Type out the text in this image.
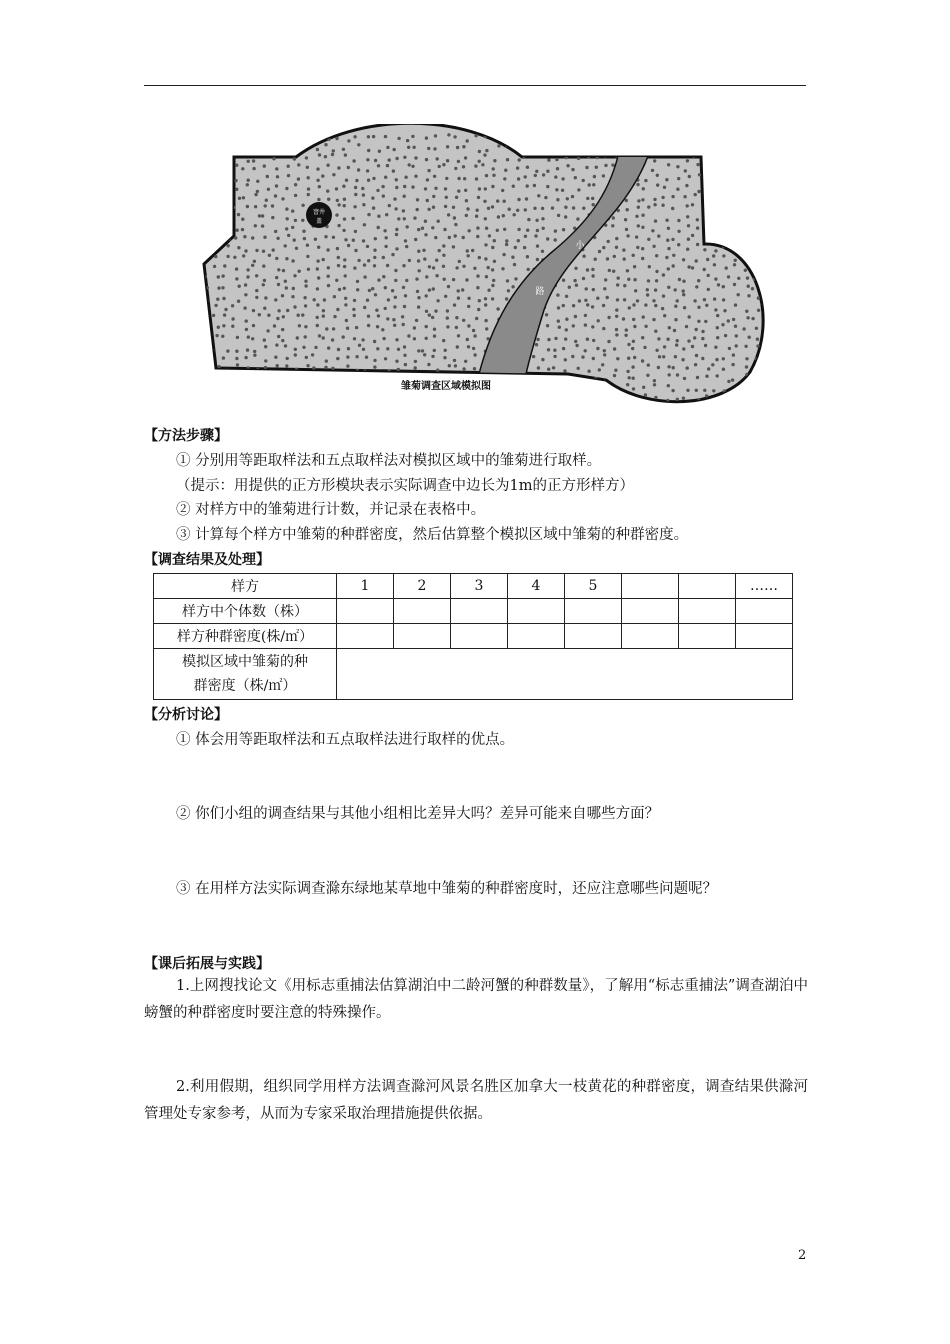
小
路
窨井
盖
雏菊调查区域模拟图
【方法步骤】
① 分别用等距取样法和五点取样法对模拟区域中的雏菊进行取样。
（提示：用提供的正方形模块表示实际调查中边长为1m的正方形样方）
② 对样方中的雏菊进行计数，并记录在表格中。
③ 计算每个样方中雏菊的种群密度，然后估算整个模拟区域中雏菊的种群密度。
【调查结果及处理】
样方	1	2	3	4	5			……
样方中个体数（株）								
样方种群密度(株/㎡）								

模拟区域中雏菊的种
群密度（株/㎡）								

【分析讨论】
① 体会用等距取样法和五点取样法进行取样的优点。
② 你们小组的调查结果与其他小组相比差异大吗？差异可能来自哪些方面？
③ 在用样方法实际调查滁东绿地某草地中雏菊的种群密度时，还应注意哪些问题呢？
【课后拓展与实践】
1.上网搜找论文《用标志重捕法估算湖泊中二龄河蟹的种群数量》，了解用“标志重捕法”调查湖泊中螃蟹的种群密度时要注意的特殊操作。
2.利用假期，组织同学用样方法调查滁河风景名胜区加拿大一枝黄花的种群密度，调查结果供滁河管理处专家参考，从而为专家采取治理措施提供依据。
2
